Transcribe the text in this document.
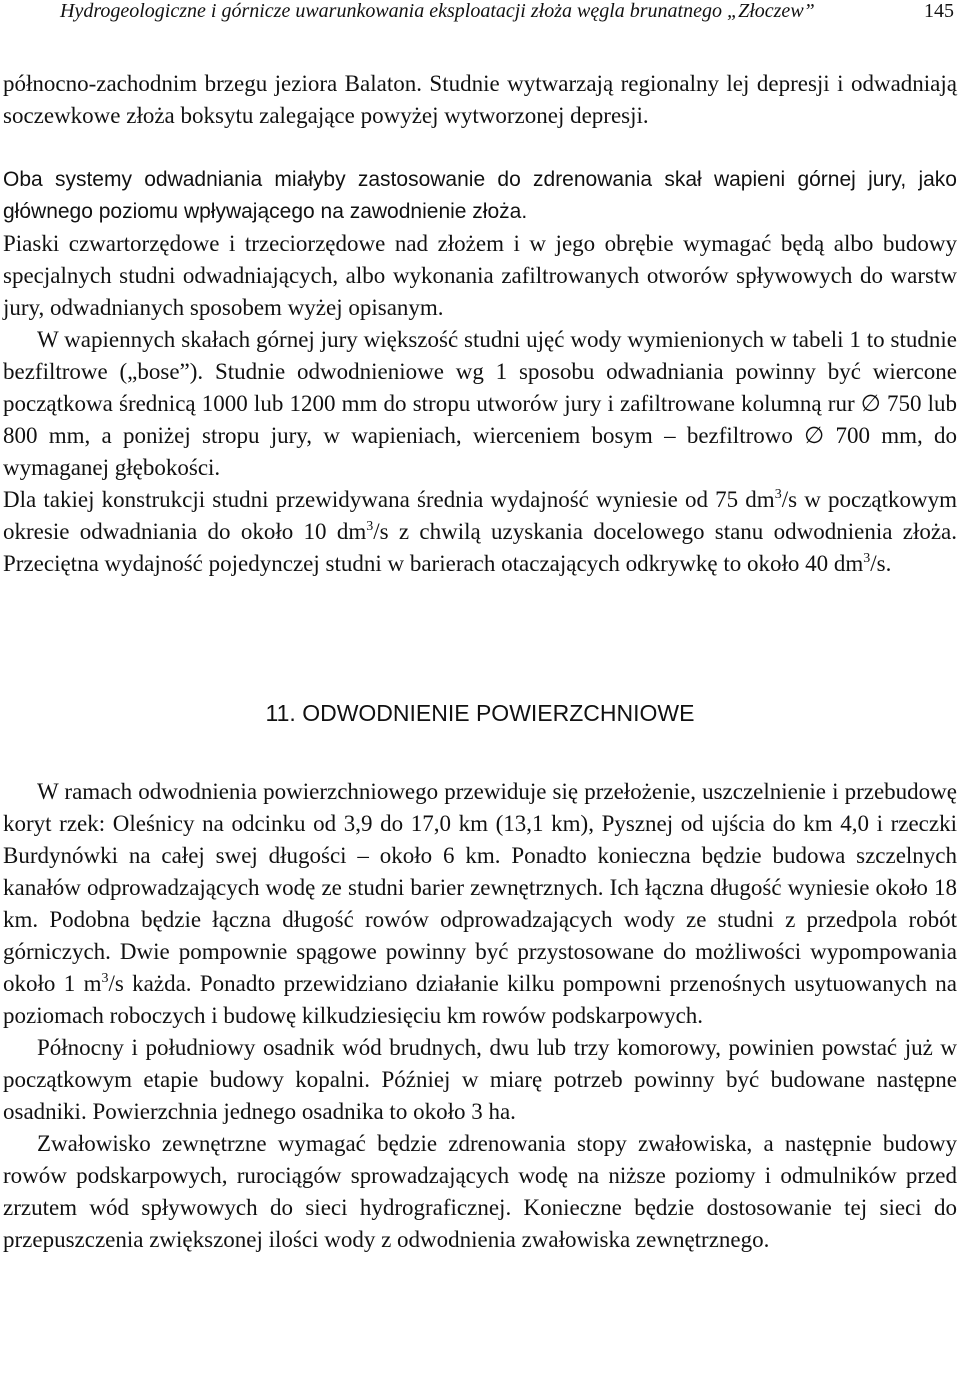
Hydrogeologiczne i górnicze uwarunkowania eksploatacji złoża węgla brunatnego „Złoczew”	145

północno-zachodnim brzegu jeziora Balaton. Studnie wytwarzają regionalny lej depresji i odwadniają soczewkowe złoża boksytu zalegające powyżej wytworzonej depresji.

Oba systemy odwadniania miałyby zastosowanie do zdrenowania skał wapieni górnej jury, jako głównego poziomu wpływającego na zawodnienie złoża.

Piaski czwartorzędowe i trzeciorzędowe nad złożem i w jego obrębie wymagać będą albo budowy specjalnych studni odwadniających, albo wykonania zafiltrowanych otworów spływowych do warstw jury, odwadnianych sposobem wyżej opisanym.

W wapiennych skałach górnej jury większość studni ujęć wody wymienionych w tabeli 1 to studnie bezfiltrowe („bose”). Studnie odwodnieniowe wg 1 sposobu odwadniania powinny być wiercone początkowa średnicą 1000 lub 1200 mm do stropu utworów jury i zafiltrowane kolumną rur ∅ 750 lub 800 mm, a poniżej stropu jury, w wapieniach, wierceniem bosym – bezfiltrowo ∅ 700 mm, do wymaganej głębokości.

Dla takiej konstrukcji studni przewidywana średnia wydajność wyniesie od 75 $dm^3/s$ w początkowym okresie odwadniania do około 10 $dm^3/s$ z chwilą uzyskania docelowego stanu odwodnienia złoża. Przeciętna wydajność pojedynczej studni w barierach otaczających odkrywkę to około 40 $dm^3/s$.

11. ODWODNIENIE POWIERZCHNIOWE

W ramach odwodnienia powierzchniowego przewiduje się przełożenie, uszczelnienie i przebudowę koryt rzek: Oleśnicy na odcinku od 3,9 do 17,0 km (13,1 km), Pysznej od ujścia do km 4,0 i rzeczki Burdynówki na całej swej długości – około 6 km. Ponadto konieczna będzie budowa szczelnych kanałów odprowadzających wodę ze studni barier zewnętrznych. Ich łączna długość wyniesie około 18 km. Podobna będzie łączna długość rowów odprowadzających wody ze studni z przedpola robót górniczych. Dwie pompownie spągowe powinny być przystosowane do możliwości wypompowania około 1 $m^3/s$ każda. Ponadto przewidziano działanie kilku pompowni przenośnych usytuowanych na poziomach roboczych i budowę kilkudziesięciu km rowów podskarpowych.

Północny i południowy osadnik wód brudnych, dwu lub trzy komorowy, powinien powstać już w początkowym etapie budowy kopalni. Później w miarę potrzeb powinny być budowane następne osadniki. Powierzchnia jednego osadnika to około 3 ha.

Zwałowisko zewnętrzne wymagać będzie zdrenowania stopy zwałowiska, a następnie budowy rowów podskarpowych, rurociągów sprowadzających wodę na niższe poziomy i odmulników przed zrzutem wód spływowych do sieci hydrograficznej. Konieczne będzie dostosowanie tej sieci do przepuszczenia zwiększonej ilości wody z odwodnienia zwałowiska zewnętrznego.
